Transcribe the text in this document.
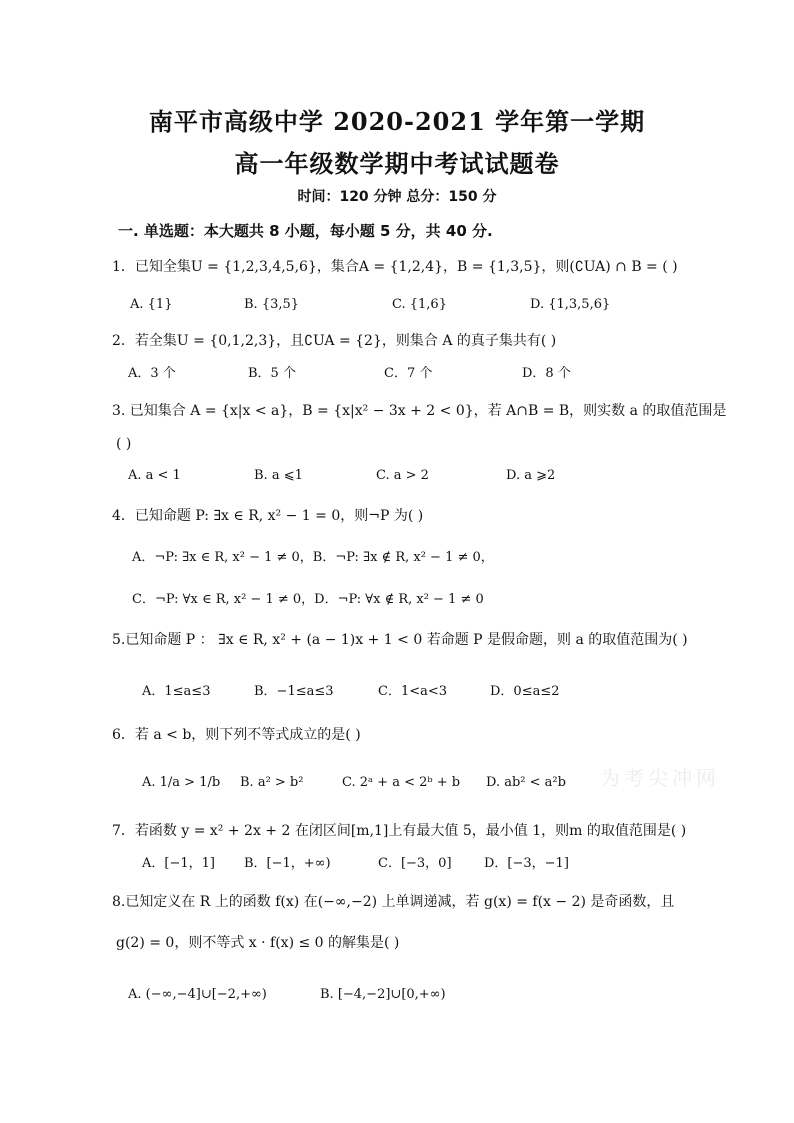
南平市高级中学 2020-2021 学年第一学期
高一年级数学期中考试试题卷
时间：120 分钟 总分：150 分
一. 单选题：本大题共 8 小题，每小题 5 分，共 40 分.
1．已知全集U = {1,2,3,4,5,6}，集合A = {1,2,4}，B = {1,3,5}，则(∁UA) ∩ B = ( )
A. {1}	B. {3,5}	C. {1,6}	D. {1,3,5,6}
2．若全集U = {0,1,2,3}，且∁UA = {2}，则集合 A 的真子集共有( )
A．3 个	B．5 个	C．7 个	D．8 个
3. 已知集合 A = {x|x < a}，B = {x|x² − 3x + 2 < 0}，若 A∩B = B，则实数 a 的取值范围是
( )
A. a < 1	B. a ⩽1	C. a > 2	D. a ⩾2
4．已知命题 P: ∃x ∈ R, x² − 1 = 0，则¬P 为( )
A．¬P: ∃x ∈ R, x² − 1 ≠ 0，B．¬P: ∃x ∉ R, x² − 1 ≠ 0，
C．¬P: ∀x ∈ R, x² − 1 ≠ 0，D．¬P: ∀x ∉ R, x² − 1 ≠ 0
5.已知命题 P ： ∃x ∈ R, x² + (a − 1)x + 1 < 0 若命题 P 是假命题，则 a 的取值范围为( )
A．1≤a≤3	B．−1≤a≤3	C．1<a<3	D．0≤a≤2
6．若 a < b，则下列不等式成立的是( )
A. 1/a > 1/b B. a² > b²	C. 2ᵃ + a < 2ᵇ + b D. ab² < a²b 为考尖冲网
7．若函数 y = x² + 2x + 2 在闭区间[m,1]上有最大值 5，最小值 1，则m 的取值范围是( )
A．[−1，1] B．[−1，+∞)	C．[−3，0] D．[−3，−1]
8.已知定义在 R 上的函数 f(x) 在(−∞,−2) 上单调递减，若 g(x) = f(x − 2) 是奇函数，且
g(2) = 0，则不等式 x · f(x) ≤ 0 的解集是( )
A. (−∞,−4]∪[−2,+∞)	B. [−4,−2]∪[0,+∞)
